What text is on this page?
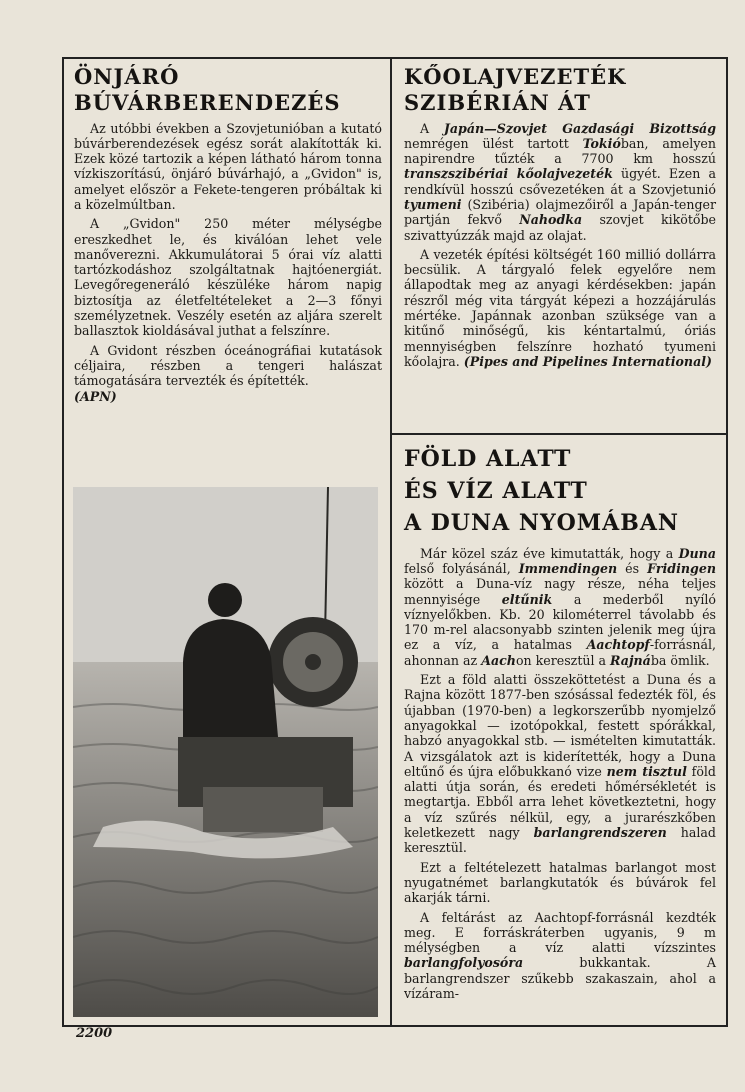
ÖNJÁRÓ
BÚVÁRBERENDEZÉS

Az utóbbi években a Szovjetunióban a kutató búvárberendezések egész sorát alakították ki. Ezek közé tartozik a képen látható három tonna vízkiszorítású, önjáró búvárhajó, a „Gvidon" is, amelyet először a Fekete-tengeren próbáltak ki a közelmúltban.

A „Gvidon" 250 méter mélységbe ereszkedhet le, és kiválóan lehet vele manőverezni. Akkumulátorai 5 órai víz alatti tartózkodáshoz szolgáltatnak hajtóenergiát. Levegőregeneráló készüléke három napig biztosítja az életfeltételeket a 2—3 főnyi személyzetnek. Veszély esetén az aljára szerelt ballasztok kioldásával juthat a felszínre.

A Gvidont részben óceánográfiai kutatások céljaira, részben a tengeri halászat támogatására tervezték és építették.
(APN)

KŐOLAJVEZETÉK
SZIBÉRIÁN ÁT

A Japán—Szovjet Gazdasági Bizottság nemrégen ülést tartott Tokióban, amelyen napirendre tűzték a 7700 km hosszú transzszibériai kőolajvezeték ügyét. Ezen a rendkívül hosszú csővezetéken át a Szovjetunió tyumeni (Szibéria) olajmezőiről a Japán-tenger partján fekvő Nahodka szovjet kikötőbe szivattyúzzák majd az olajat.

A vezeték építési költségét 160 millió dollárra becsülik. A tárgyaló felek egyelőre nem állapodtak meg az anyagi kérdésekben: japán részről még vita tárgyát képezi a hozzájárulás mértéke. Japánnak azonban szüksége van a kitűnő minőségű, kis kéntartalmú, óriás mennyiségben felszínre hozható tyumeni kőolajra. (Pipes and Pipelines International)

FÖLD ALATT
ÉS VÍZ ALATT
A DUNA NYOMÁBAN

Már közel száz éve kimutatták, hogy a Duna felső folyásánál, Immendingen és Fridingen között a Duna-víz nagy része, néha teljes mennyisége eltűnik a mederből nyíló víznyelőkben. Kb. 20 kilométerrel távolabb és 170 m-rel alacsonyabb szinten jelenik meg újra ez a víz, a hatalmas Aachtopf-forrásnál, ahonnan az Aachon keresztül a Rajnába ömlik.

Ezt a föld alatti összeköttetést a Duna és a Rajna között 1877-ben szósással fedezték föl, és újabban (1970-ben) a legkorszerűbb nyomjelző anyagokkal — izotópokkal, festett spórákkal, habzó anyagokkal stb. — ismételten kimutatták. A vizsgálatok azt is kiderítették, hogy a Duna eltűnő és újra előbukkanó vize nem tisztul föld alatti útja során, és eredeti hőmérsékletét is megtartja. Ebből arra lehet következtetni, hogy a víz szűrés nélkül, egy, a jurarészkőben keletkezett nagy barlangrendszeren halad keresztül.

Ezt a feltételezett hatalmas barlangot most nyugatnémet barlangkutatók és búvárok fel akarják tárni.

A feltárást az Aachtopf-forrásnál kezdték meg. E forráskráterben ugyanis, 9 m mélységben a víz alatti vízszintes barlangfolyosóra bukkantak. A barlangrendszer szűkebb szakaszain, ahol a vízáram-

2200
